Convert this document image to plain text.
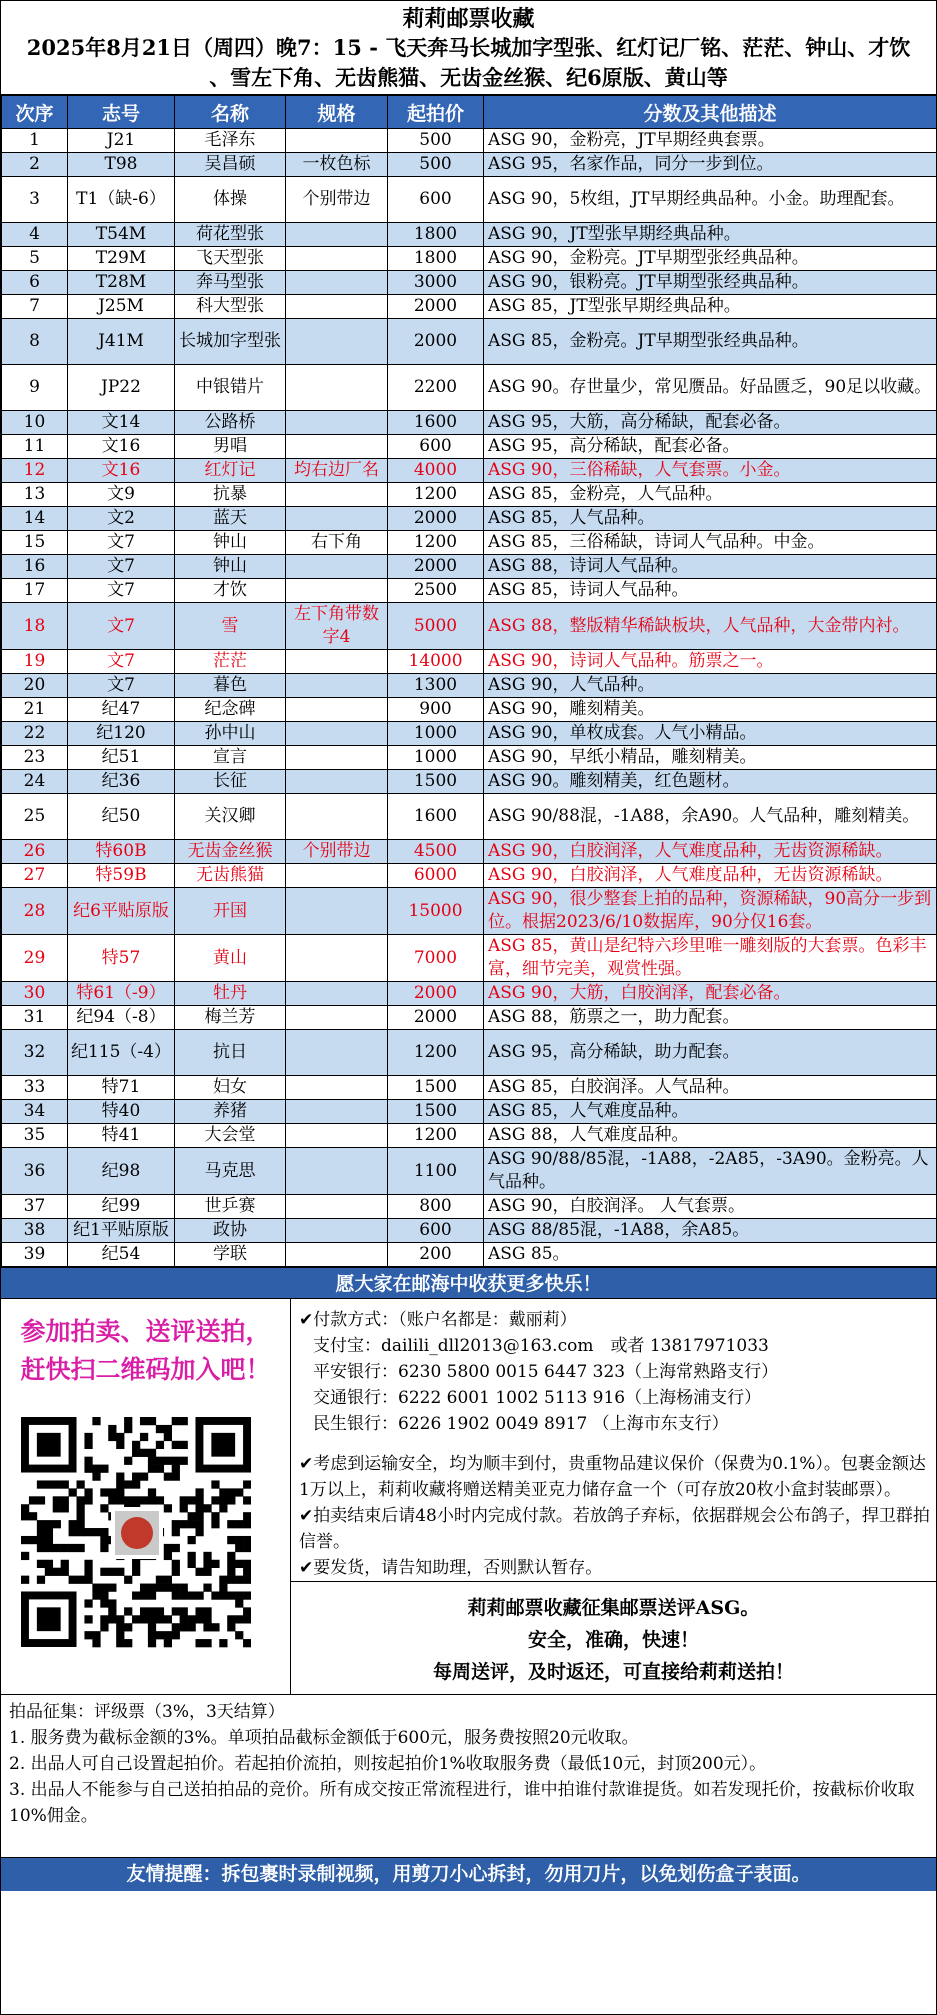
莉莉邮票收藏
2025年8月21日（周四）晚7：15 - 飞天奔马长城加字型张、红灯记厂铭、茫茫、钟山、才饮
、雪左下角、无齿熊猫、无齿金丝猴、纪6原版、黄山等
次序	志号	名称	规格	起拍价	分数及其他描述
1	J21	毛泽东		500	ASG 90，金粉亮，JT早期经典套票。
2	T98	吴昌硕	一枚色标	500	ASG 95，名家作品，同分一步到位。
3	T1（缺-6）	体操	个别带边	600	ASG 90，5枚组，JT早期经典品种。小金。助理配套。
4	T54M	荷花型张		1800	ASG 90，JT型张早期经典品种。
5	T29M	飞天型张		1800	ASG 90，金粉亮。JT早期型张经典品种。
6	T28M	奔马型张		3000	ASG 90，银粉亮。JT早期型张经典品种。
7	J25M	科大型张		2000	ASG 85，JT型张早期经典品种。
8	J41M	长城加字型张		2000	ASG 85，金粉亮。JT早期型张经典品种。
9	JP22	中银错片		2200	ASG 90。存世量少，常见赝品。好品匮乏，90足以收藏。
10	文14	公路桥		1600	ASG 95，大筋，高分稀缺，配套必备。
11	文16	男唱		600	ASG 95，高分稀缺，配套必备。
12	文16	红灯记	均右边厂名	4000	ASG 90，三俗稀缺，人气套票。小金。
13	文9	抗暴		1200	ASG 85，金粉亮，人气品种。
14	文2	蓝天		2000	ASG 85，人气品种。
15	文7	钟山	右下角	1200	ASG 85，三俗稀缺，诗词人气品种。中金。
16	文7	钟山		2000	ASG 88，诗词人气品种。
17	文7	才饮		2500	ASG 85，诗词人气品种。
18	文7	雪	左下角带数字4	5000	ASG 88，整版精华稀缺板块，人气品种，大金带内衬。
19	文7	茫茫		14000	ASG 90，诗词人气品种。筋票之一。
20	文7	暮色		1300	ASG 90，人气品种。
21	纪47	纪念碑		900	ASG 90，雕刻精美。
22	纪120	孙中山		1000	ASG 90，单枚成套。人气小精品。
23	纪51	宣言		1000	ASG 90，早纸小精品，雕刻精美。
24	纪36	长征		1500	ASG 90。雕刻精美，红色题材。
25	纪50	关汉卿		1600	ASG 90/88混，-1A88，余A90。人气品种，雕刻精美。
26	特60B	无齿金丝猴	个别带边	4500	ASG 90，白胶润泽，人气难度品种，无齿资源稀缺。
27	特59B	无齿熊猫		6000	ASG 90，白胶润泽，人气难度品种，无齿资源稀缺。
28	纪6平贴原版	开国		15000	ASG 90，很少整套上拍的品种，资源稀缺，90高分一步到位。根据2023/6/10数据库，90分仅16套。
29	特57	黄山		7000	ASG 85，黄山是纪特六珍里唯一雕刻版的大套票。色彩丰富，细节完美，观赏性强。
30	特61（-9）	牡丹		2000	ASG 90，大筋，白胶润泽，配套必备。
31	纪94（-8）	梅兰芳		2000	ASG 88，筋票之一，助力配套。
32	纪115（-4）	抗日		1200	ASG 95，高分稀缺，助力配套。
33	特71	妇女		1500	ASG 85，白胶润泽。人气品种。
34	特40	养猪		1500	ASG 85，人气难度品种。
35	特41	大会堂		1200	ASG 88，人气难度品种。
36	纪98	马克思		1100	ASG 90/88/85混，-1A88，-2A85，-3A90。金粉亮。人气品种。
37	纪99	世乒赛		800	ASG 90，白胶润泽。 人气套票。
38	纪1平贴原版	政协		600	ASG 88/85混，-1A88，余A85。
39	纪54	学联		200	ASG 85。
愿大家在邮海中收获更多快乐！
参加拍卖、送评送拍，
赶快扫二维码加入吧！
✔付款方式：（账户名都是：戴丽莉）
支付宝：dailili_dll2013@163.com　或者 13817971033
平安银行：6230 5800 0015 6447 323（上海常熟路支行）
交通银行：6222 6001 1002 5113 916（上海杨浦支行）
民生银行：6226 1902 0049 8917 （上海市东支行）
✔考虑到运输安全，均为顺丰到付，贵重物品建议保价（保费为0.1%）。包裹金额达1万以上，莉莉收藏将赠送精美亚克力储存盒一个（可存放20枚小盒封装邮票）。
✔拍卖结束后请48小时内完成付款。若放鸽子弃标，依据群规会公布鸽子，捍卫群拍信誉。
✔要发货，请告知助理，否则默认暂存。
莉莉邮票收藏征集邮票送评ASG。
安全，准确，快速！
每周送评，及时返还，可直接给莉莉送拍！
拍品征集：评级票（3%，3天结算）
1. 服务费为截标金额的3%。单项拍品截标金额低于600元，服务费按照20元收取。
2. 出品人可自己设置起拍价。若起拍价流拍，则按起拍价1%收取服务费（最低10元，封顶200元）。
3. 出品人不能参与自己送拍拍品的竞价。所有成交按正常流程进行，谁中拍谁付款谁提货。如若发现托价，按截标价收取10%佣金。
友情提醒：拆包裹时录制视频，用剪刀小心拆封，勿用刀片，以免划伤盒子表面。
